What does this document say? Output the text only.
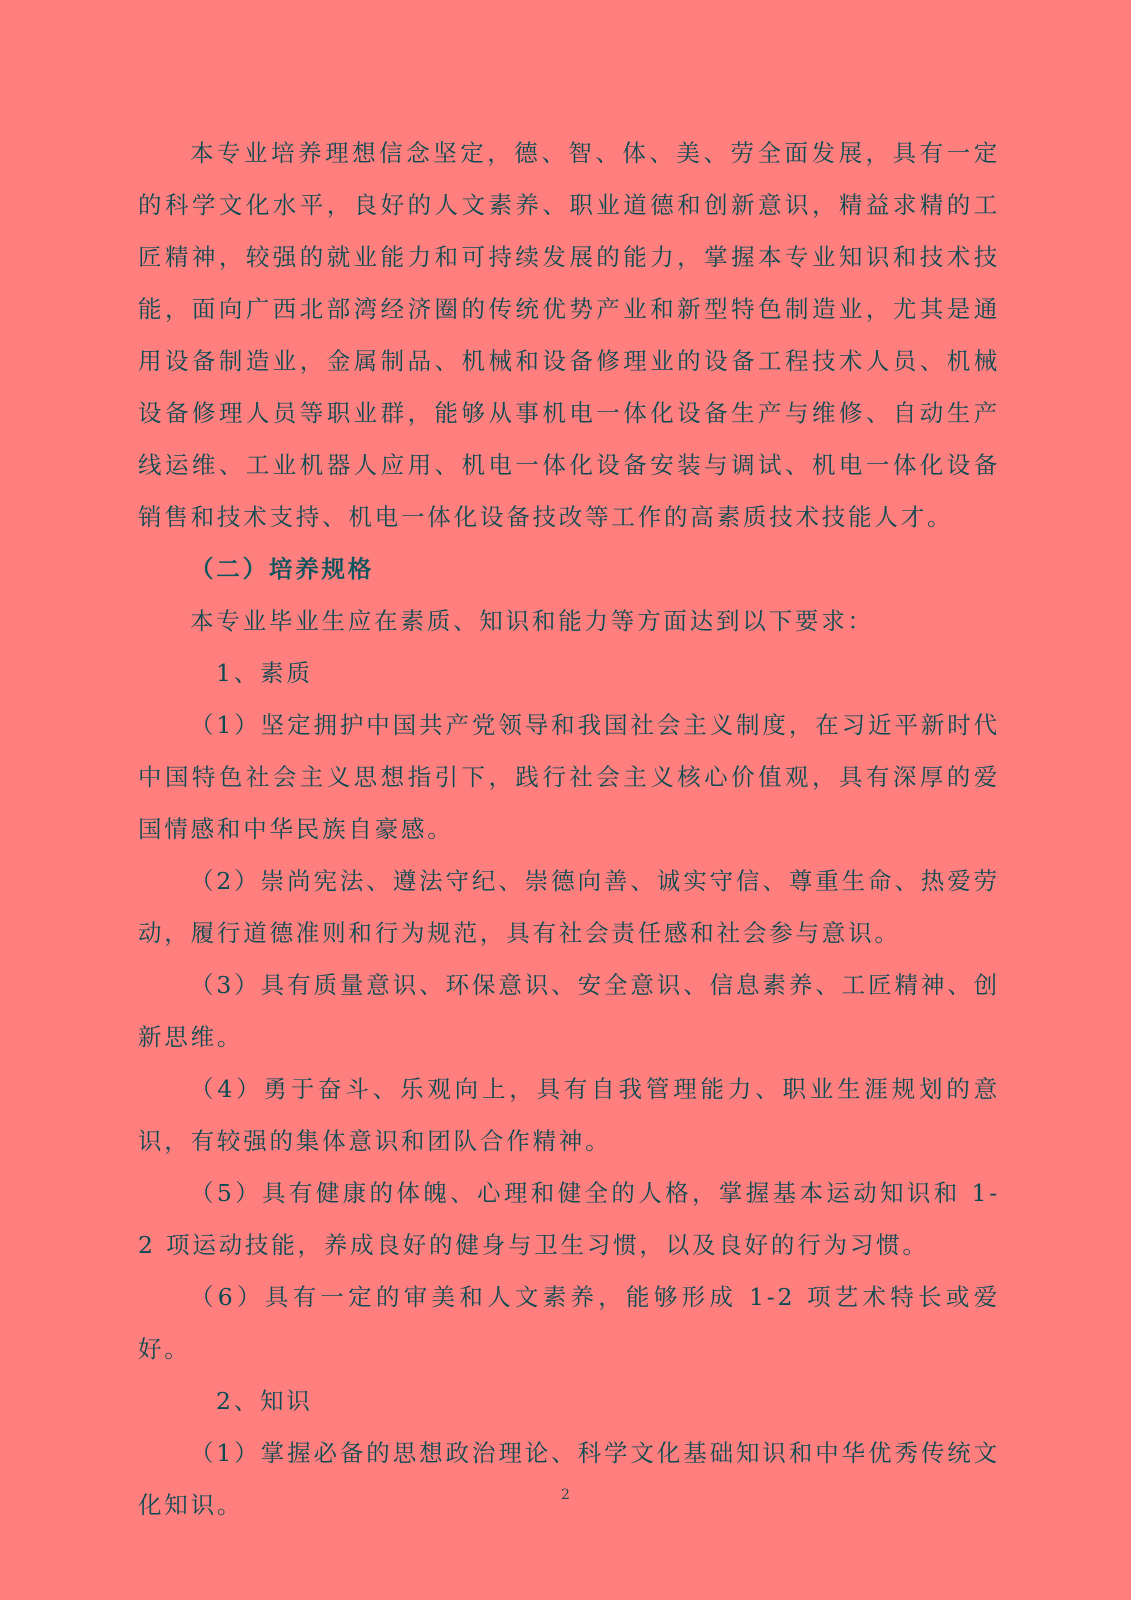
本专业培养理想信念坚定，德、智、体、美、劳全面发展，具有一定的科学文化水平，良好的人文素养、职业道德和创新意识，精益求精的工匠精神，较强的就业能力和可持续发展的能力，掌握本专业知识和技术技能，面向广西北部湾经济圈的传统优势产业和新型特色制造业，尤其是通用设备制造业，金属制品、机械和设备修理业的设备工程技术人员、机械设备修理人员等职业群，能够从事机电一体化设备生产与维修、自动生产线运维、工业机器人应用、机电一体化设备安装与调试、机电一体化设备销售和技术支持、机电一体化设备技改等工作的高素质技术技能人才。

（二）培养规格

本专业毕业生应在素质、知识和能力等方面达到以下要求：

1、素质

（1）坚定拥护中国共产党领导和我国社会主义制度，在习近平新时代中国特色社会主义思想指引下，践行社会主义核心价值观，具有深厚的爱国情感和中华民族自豪感。

（2）崇尚宪法、遵法守纪、崇德向善、诚实守信、尊重生命、热爱劳动，履行道德准则和行为规范，具有社会责任感和社会参与意识。

（3）具有质量意识、环保意识、安全意识、信息素养、工匠精神、创新思维。

（4）勇于奋斗、乐观向上，具有自我管理能力、职业生涯规划的意识，有较强的集体意识和团队合作精神。

（5）具有健康的体魄、心理和健全的人格，掌握基本运动知识和 1-2 项运动技能，养成良好的健身与卫生习惯，以及良好的行为习惯。

（6）具有一定的审美和人文素养，能够形成 1-2 项艺术特长或爱好。

2、知识

（1）掌握必备的思想政治理论、科学文化基础知识和中华优秀传统文化知识。	2
